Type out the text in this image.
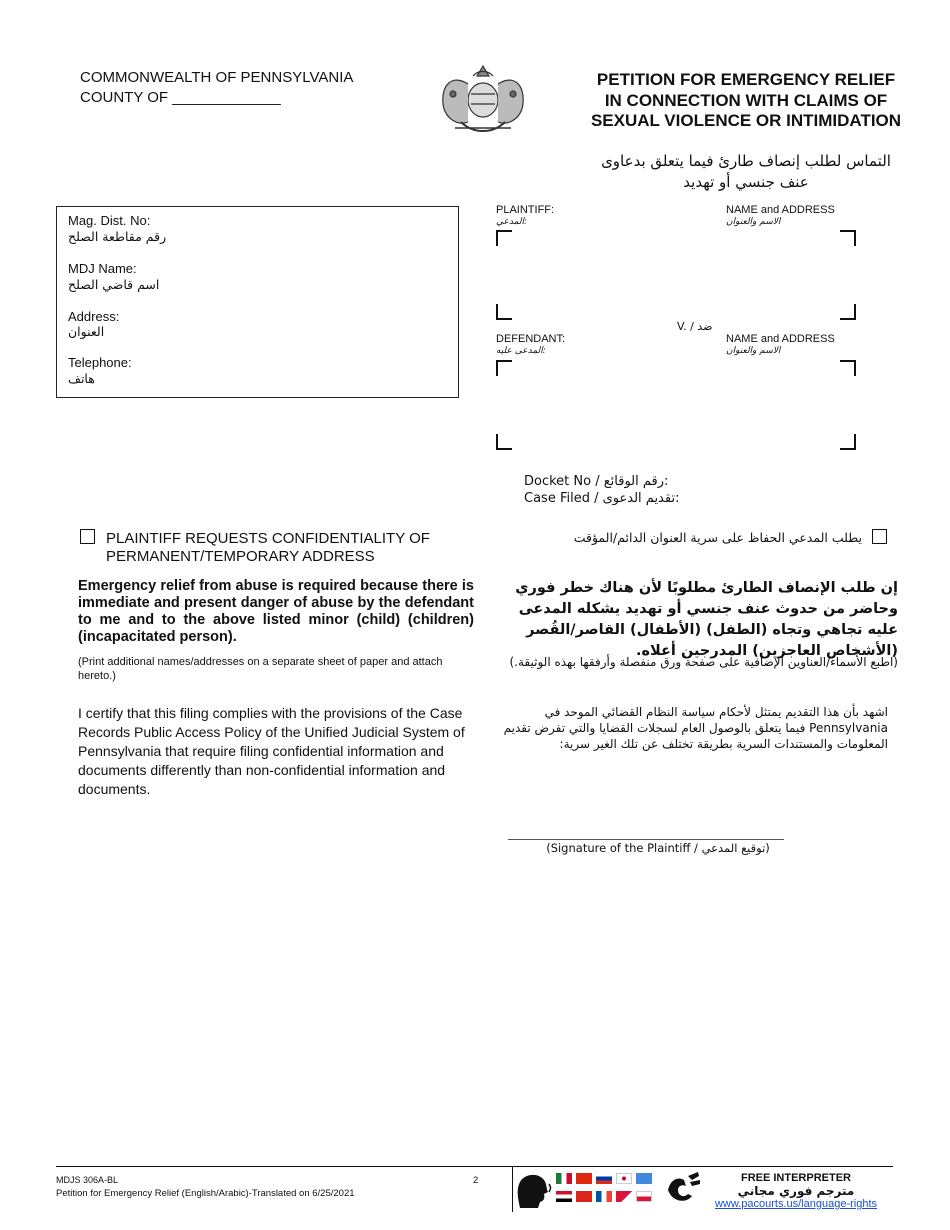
COMMONWEALTH OF PENNSYLVANIA
COUNTY OF _____________
PETITION FOR EMERGENCY RELIEF IN CONNECTION WITH CLAIMS OF SEXUAL VIOLENCE OR INTIMIDATION
التماس لطلب إنصاف طارئ فيما يتعلق بدعاوى عنف جنسي أو تهديد
Mag. Dist. No:
رقم مقاطعة الصلح
MDJ Name:
اسم قاضي الصلح
Address:
العنوان
Telephone:
هاتف
PLAINTIFF:
المدعي:
NAME and ADDRESS
الاسم والعنوان
V. / ضد
DEFENDANT:
المدعى عليه:
NAME and ADDRESS
الاسم والعنوان
Docket No / رقم الوقائع:
Case Filed / تقديم الدعوى:
PLAINTIFF REQUESTS CONFIDENTIALITY OF PERMANENT/TEMPORARY ADDRESS
يطلب المدعي الحفاظ على سرية العنوان الدائم/المؤقت
Emergency relief from abuse is required because there is immediate and present danger of abuse by the defendant to me and to the above listed minor (child) (children) (incapacitated person).
إن طلب الإنصاف الطارئ مطلوبًا لأن هناك خطر فوري وحاضر من حدوث عنف جنسي أو تهديد يشكله المدعى عليه تجاهي وتجاه (الطفل) (الأطفال) القاصر/القُصر (الأشخاص العاجزين) المدرجين أعلاه.
(Print additional names/addresses on a separate sheet of paper and attach hereto.)
(اطبع الأسماء/العناوين الإضافية على صفحة ورق منفصلة وأرفقها بهذه الوثيقة.)
I certify that this filing complies with the provisions of the Case Records Public Access Policy of the Unified Judicial System of Pennsylvania that require filing confidential information and documents differently than non-confidential information and documents.
اشهد بأن هذا التقديم يمتثل لأحكام سياسة النظام القضائي الموحد في Pennsylvania فيما يتعلق بالوصول العام لسجلات القضايا والتي تفرض تقديم المعلومات والمستندات السرية بطريقة تختلف عن تلك الغير سرية:
(Signature of the Plaintiff / توقيع المدعي)
MDJS 306A-BL
Petition for Emergency Relief (English/Arabic)-Translated on 6/25/2021
2	FREE INTERPRETER
مترجم فوري مجاني
www.pacourts.us/language-rights
